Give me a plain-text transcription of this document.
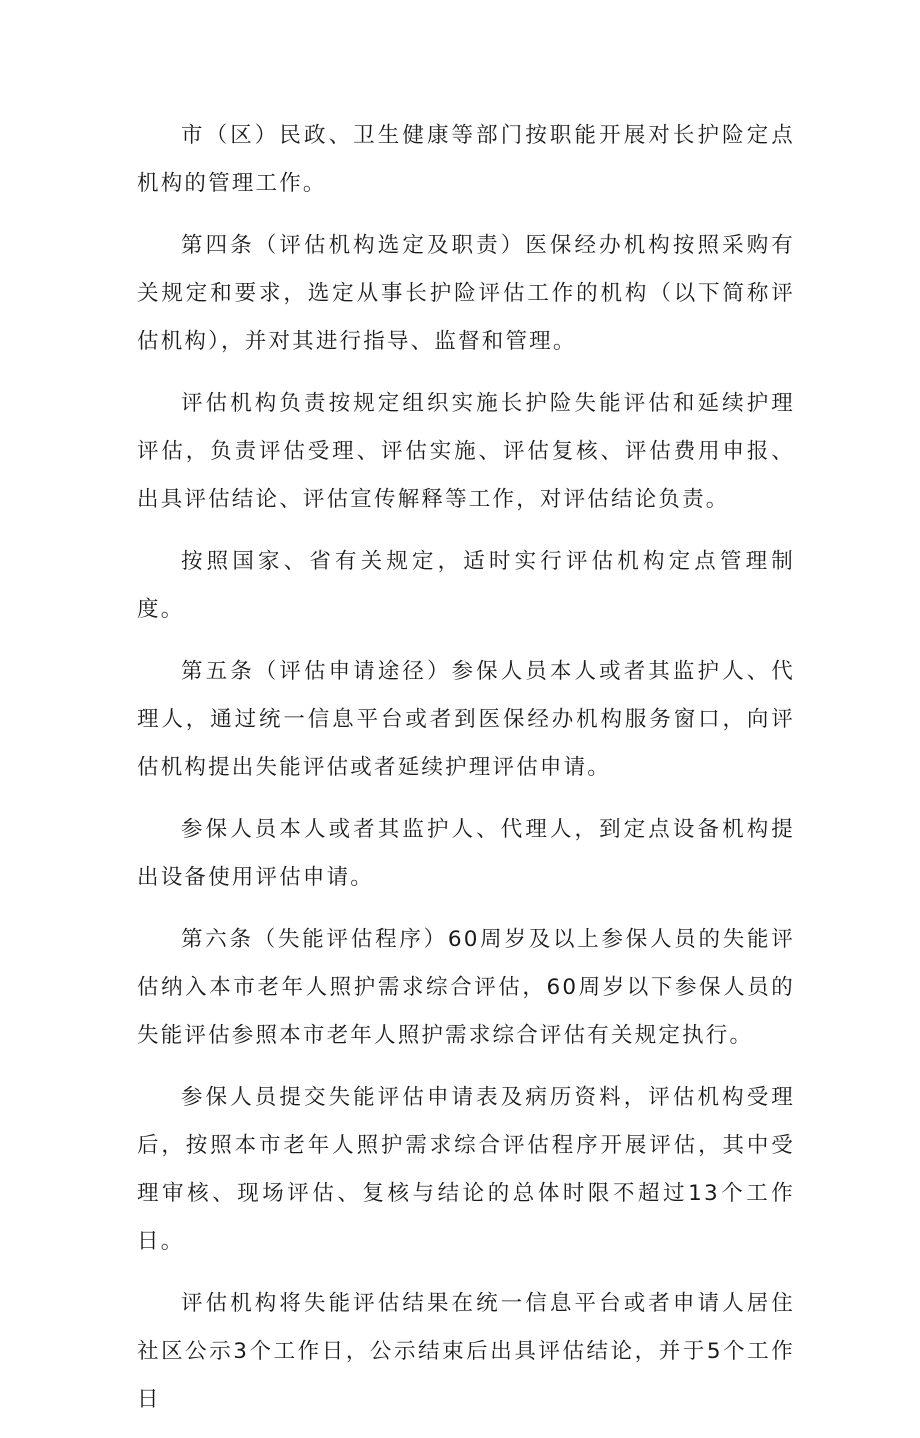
市（区）民政、卫生健康等部门按职能开展对长护险定点机构的管理工作。

第四条（评估机构选定及职责）医保经办机构按照采购有关规定和要求，选定从事长护险评估工作的机构（以下简称评估机构），并对其进行指导、监督和管理。

评估机构负责按规定组织实施长护险失能评估和延续护理评估，负责评估受理、评估实施、评估复核、评估费用申报、出具评估结论、评估宣传解释等工作，对评估结论负责。

按照国家、省有关规定，适时实行评估机构定点管理制度。

第五条（评估申请途径）参保人员本人或者其监护人、代理人，通过统一信息平台或者到医保经办机构服务窗口，向评估机构提出失能评估或者延续护理评估申请。

参保人员本人或者其监护人、代理人，到定点设备机构提出设备使用评估申请。

第六条（失能评估程序）60周岁及以上参保人员的失能评估纳入本市老年人照护需求综合评估，60周岁以下参保人员的失能评估参照本市老年人照护需求综合评估有关规定执行。

参保人员提交失能评估申请表及病历资料，评估机构受理后，按照本市老年人照护需求综合评估程序开展评估，其中受理审核、现场评估、复核与结论的总体时限不超过13个工作日。

评估机构将失能评估结果在统一信息平台或者申请人居住社区公示3个工作日，公示结束后出具评估结论，并于5个工作日
